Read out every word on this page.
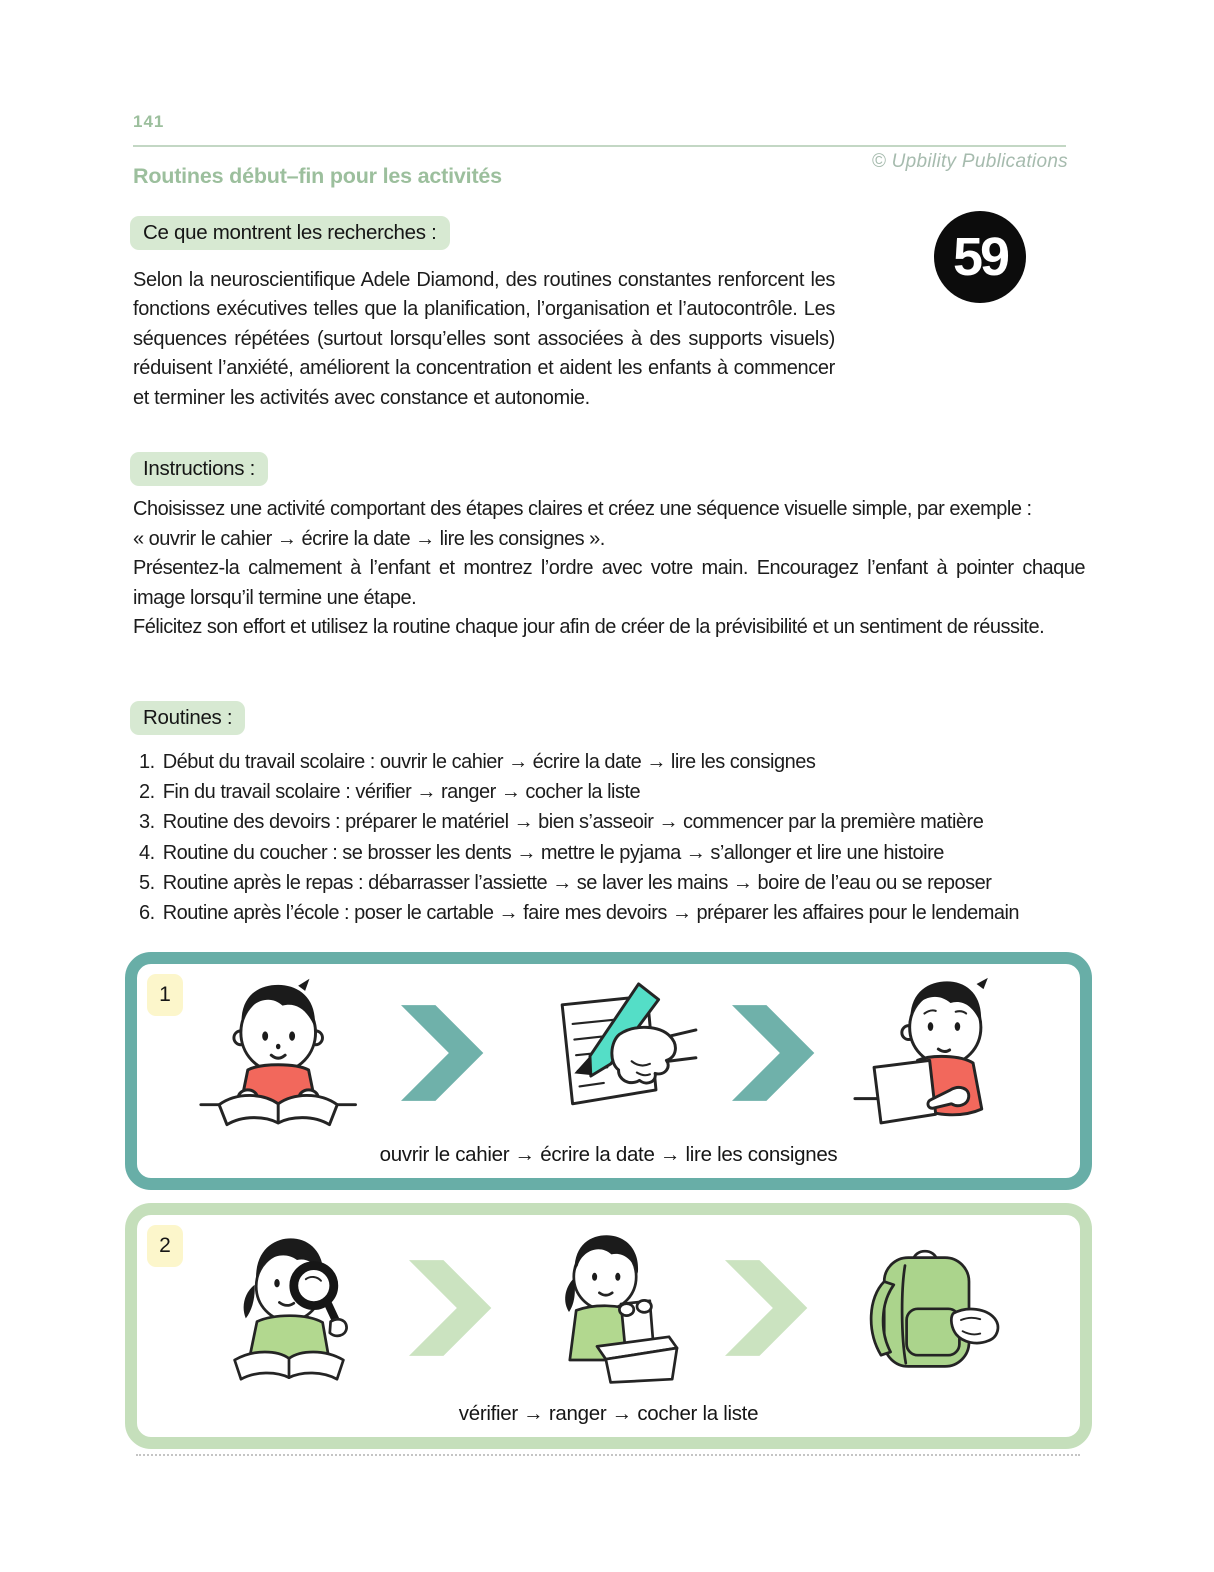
141
© Upbility Publications
Routines début–fin pour les activités
Ce que montrent les recherches :
Selon la neuroscientifique Adele Diamond, des routines constantes renforcent les fonctions exécutives telles que la planification, l’organisation et l’autocontrôle. Les séquences répétées (surtout lorsqu’elles sont associées à des supports visuels) réduisent l’anxiété, améliorent la concentration et aident les enfants à commencer et terminer les activités avec constance et autonomie.
59
Instructions :

Choisissez une activité comportant des étapes claires et créez une séquence visuelle simple, par exemple :

« ouvrir le cahier → écrire la date → lire les consignes ».

Présentez-la calmement à l’enfant et montrez l’ordre avec votre main. Encouragez l’enfant à pointer chaque image lorsqu’il termine une étape.

Félicitez son effort et utilisez la routine chaque jour afin de créer de la prévisibilité et un sentiment de réussite.

Routines :
1. Début du travail scolaire : ouvrir le cahier → écrire la date → lire les consignes
2. Fin du travail scolaire : vérifier → ranger → cocher la liste
3. Routine des devoirs : préparer le matériel → bien s’asseoir → commencer par la première matière
4. Routine du coucher : se brosser les dents → mettre le pyjama → s’allonger et lire une histoire
5. Routine après le repas : débarrasser l’assiette → se laver les mains → boire de l’eau ou se reposer
6. Routine après l’école : poser le cartable → faire mes devoirs → préparer les affaires pour le lendemain
1
ouvrir le cahier → écrire la date → lire les consignes
2
vérifier → ranger → cocher la liste
